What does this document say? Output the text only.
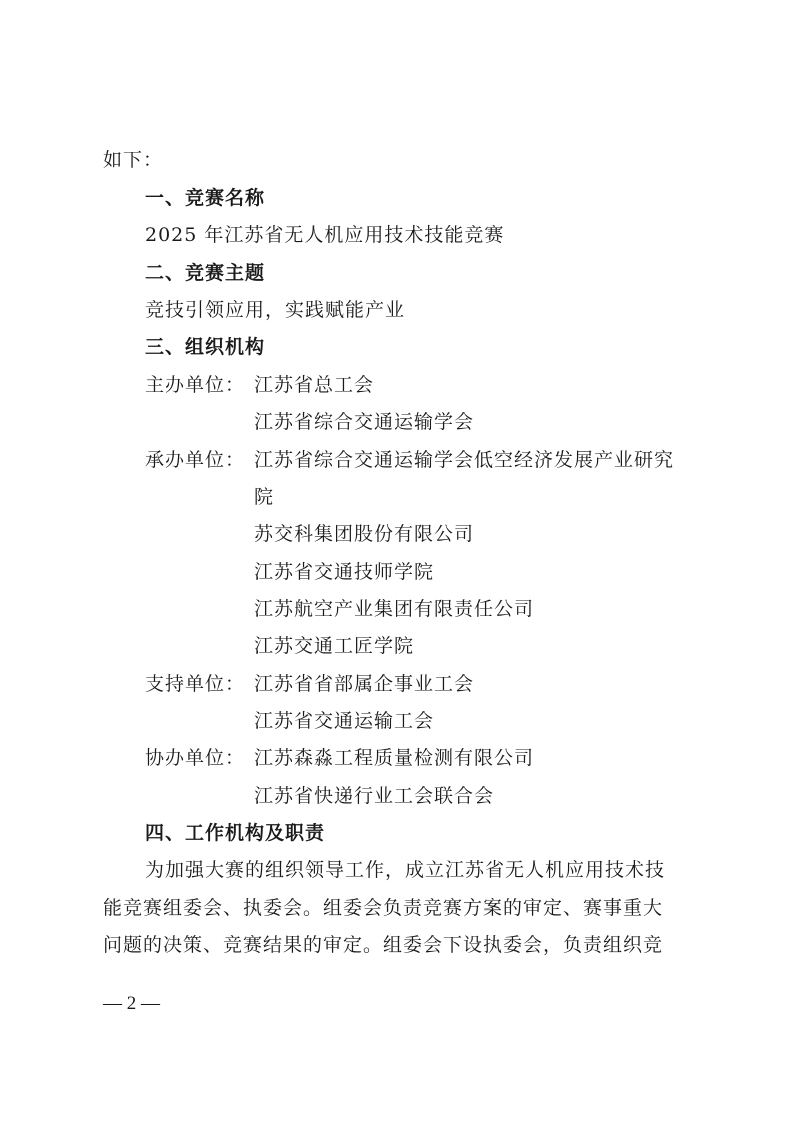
如下：
一、竞赛名称
2025 年江苏省无人机应用技术技能竞赛
二、竞赛主题
竞技引领应用，实践赋能产业
三、组织机构
主办单位： 江苏省总工会
江苏省综合交通运输学会
承办单位： 江苏省综合交通运输学会低空经济发展产业研究
院
苏交科集团股份有限公司
江苏省交通技师学院
江苏航空产业集团有限责任公司
江苏交通工匠学院
支持单位： 江苏省省部属企事业工会
江苏省交通运输工会
协办单位： 江苏森淼工程质量检测有限公司
江苏省快递行业工会联合会
四、工作机构及职责
为加强大赛的组织领导工作，成立江苏省无人机应用技术技
能竞赛组委会、执委会。组委会负责竞赛方案的审定、赛事重大
问题的决策、竞赛结果的审定。组委会下设执委会，负责组织竞
— 2 —
